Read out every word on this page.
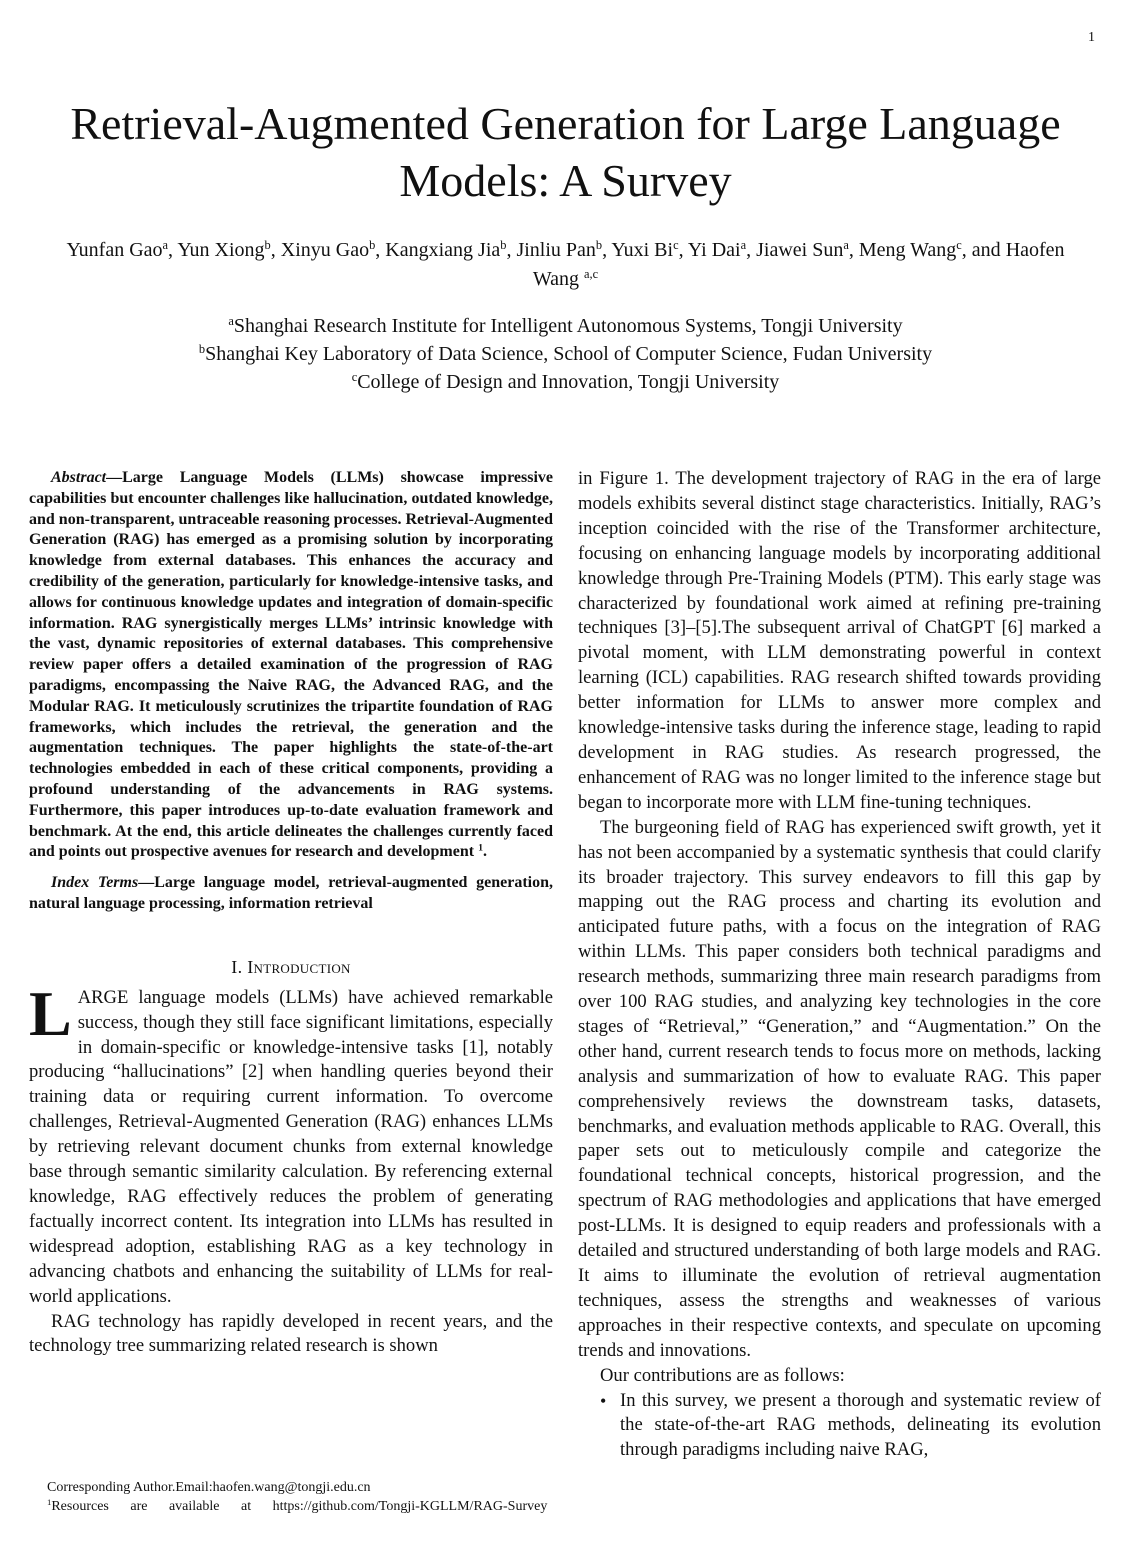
1
Retrieval-Augmented Generation for Large Language Models: A Survey
Yunfan Gao$^a$, Yun Xiong$^b$, Xinyu Gao$^b$, Kangxiang Jia$^b$, Jinliu Pan$^b$, Yuxi Bi$^c$, Yi Dai$^a$, Jiawei Sun$^a$, Meng Wang$^c$, and Haofen Wang $^{a,c}$
$^a$Shanghai Research Institute for Intelligent Autonomous Systems, Tongji University
$^b$Shanghai Key Laboratory of Data Science, School of Computer Science, Fudan University
$^c$College of Design and Innovation, Tongji University

Abstract—Large Language Models (LLMs) showcase impressive capabilities but encounter challenges like hallucination, outdated knowledge, and non-transparent, untraceable reasoning processes. Retrieval-Augmented Generation (RAG) has emerged as a promising solution by incorporating knowledge from external databases. This enhances the accuracy and credibility of the generation, particularly for knowledge-intensive tasks, and allows for continuous knowledge updates and integration of domain-specific information. RAG synergistically merges LLMs’ intrinsic knowledge with the vast, dynamic repositories of external databases. This comprehensive review paper offers a detailed examination of the progression of RAG paradigms, encompassing the Naive RAG, the Advanced RAG, and the Modular RAG. It meticulously scrutinizes the tripartite foundation of RAG frameworks, which includes the retrieval, the generation and the augmentation techniques. The paper highlights the state-of-the-art technologies embedded in each of these critical components, providing a profound understanding of the advancements in RAG systems. Furthermore, this paper introduces up-to-date evaluation framework and benchmark. At the end, this article delineates the challenges currently faced and points out prospective avenues for research and development $^1$.

Index Terms—Large language model, retrieval-augmented generation, natural language processing, information retrieval

I. Introduction

LARGE language models (LLMs) have achieved remarkable success, though they still face significant limitations, especially in domain-specific or knowledge-intensive tasks [1], notably producing “hallucinations” [2] when handling queries beyond their training data or requiring current information. To overcome challenges, Retrieval-Augmented Generation (RAG) enhances LLMs by retrieving relevant document chunks from external knowledge base through semantic similarity calculation. By referencing external knowledge, RAG effectively reduces the problem of generating factually incorrect content. Its integration into LLMs has resulted in widespread adoption, establishing RAG as a key technology in advancing chatbots and enhancing the suitability of LLMs for real-world applications.

RAG technology has rapidly developed in recent years, and the technology tree summarizing related research is shown

in Figure 1. The development trajectory of RAG in the era of large models exhibits several distinct stage characteristics. Initially, RAG’s inception coincided with the rise of the Transformer architecture, focusing on enhancing language models by incorporating additional knowledge through Pre-Training Models (PTM). This early stage was characterized by foundational work aimed at refining pre-training techniques [3]–[5].The subsequent arrival of ChatGPT [6] marked a pivotal moment, with LLM demonstrating powerful in context learning (ICL) capabilities. RAG research shifted towards providing better information for LLMs to answer more complex and knowledge-intensive tasks during the inference stage, leading to rapid development in RAG studies. As research progressed, the enhancement of RAG was no longer limited to the inference stage but began to incorporate more with LLM fine-tuning techniques.

The burgeoning field of RAG has experienced swift growth, yet it has not been accompanied by a systematic synthesis that could clarify its broader trajectory. This survey endeavors to fill this gap by mapping out the RAG process and charting its evolution and anticipated future paths, with a focus on the integration of RAG within LLMs. This paper considers both technical paradigms and research methods, summarizing three main research paradigms from over 100 RAG studies, and analyzing key technologies in the core stages of “Retrieval,” “Generation,” and “Augmentation.” On the other hand, current research tends to focus more on methods, lacking analysis and summarization of how to evaluate RAG. This paper comprehensively reviews the downstream tasks, datasets, benchmarks, and evaluation methods applicable to RAG. Overall, this paper sets out to meticulously compile and categorize the foundational technical concepts, historical progression, and the spectrum of RAG methodologies and applications that have emerged post-LLMs. It is designed to equip readers and professionals with a detailed and structured understanding of both large models and RAG. It aims to illuminate the evolution of retrieval augmentation techniques, assess the strengths and weaknesses of various approaches in their respective contexts, and speculate on upcoming trends and innovations.

Our contributions are as follows:

• In this survey, we present a thorough and systematic review of the state-of-the-art RAG methods, delineating its evolution through paradigms including naive RAG,

Corresponding Author.Email:haofen.wang@tongji.edu.cn

$^1$Resources are available at https://github.com/Tongji-KGLLM/RAG-Survey
